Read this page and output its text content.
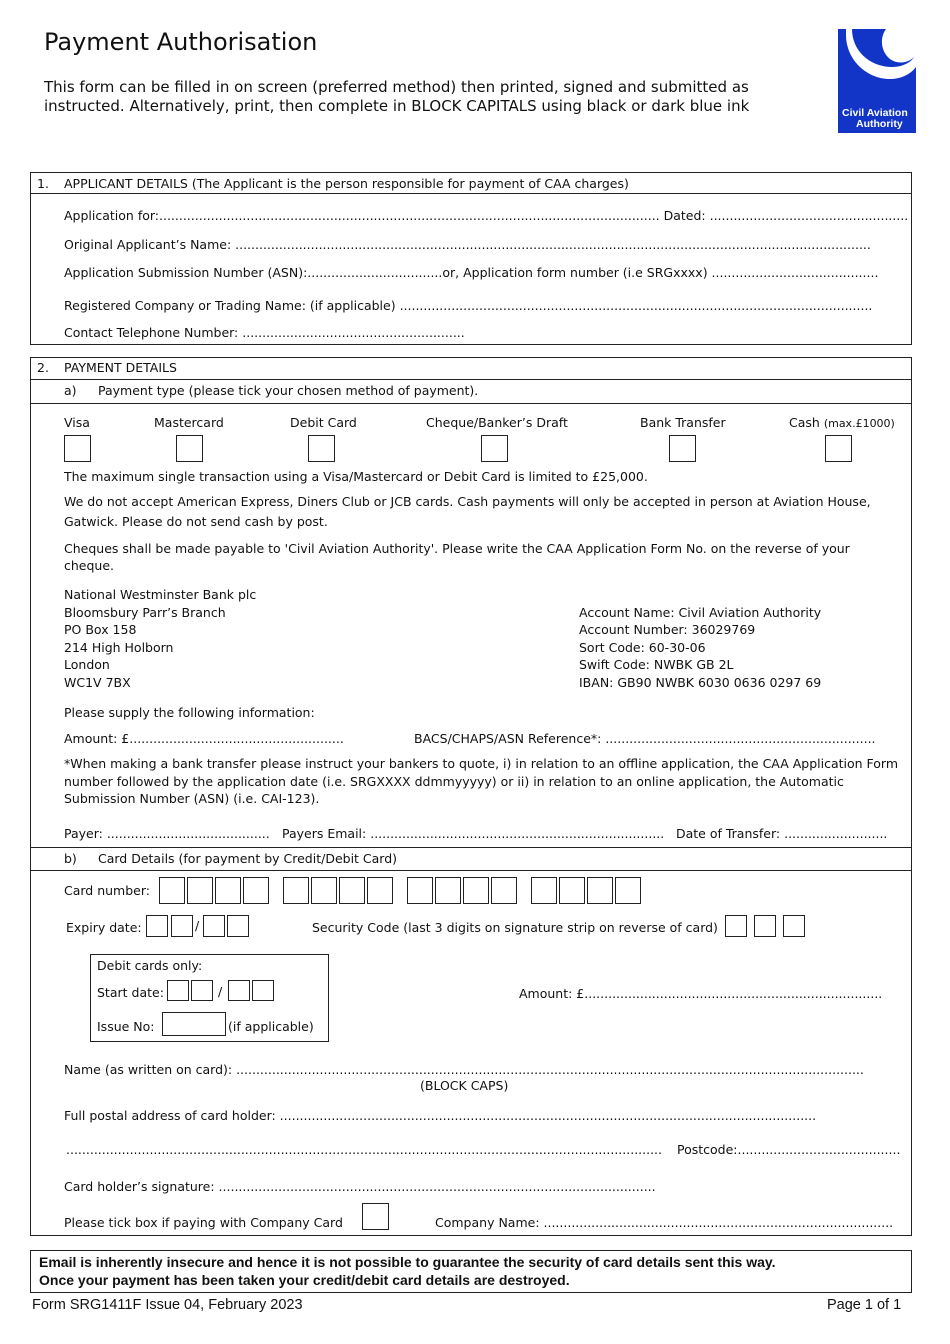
Payment Authorisation
This form can be filled in on screen (preferred method) then printed, signed and submitted as
instructed. Alternatively, print, then complete in BLOCK CAPITALS using black or dark blue ink	Civil Aviation
Authority
1. APPLICANT DETAILS (The Applicant is the person responsible for payment of CAA charges)
Application for:.............................................................................................................................. Dated: ..................................................
Original Applicant’s Name: ................................................................................................................................................................
Application Submission Number (ASN):..................................or, Application form number (i.e SRGxxxx) ..........................................
Registered Company or Trading Name: (if applicable) .......................................................................................................................
Contact Telephone Number: ........................................................
2. PAYMENT DETAILS
a) Payment type (please tick your chosen method of payment).
Visa	Mastercard	Debit Card	Cheque/Banker’s Draft	Bank Transfer	Cash (max.£1000)
The maximum single transaction using a Visa/Mastercard or Debit Card is limited to £25,000.
We do not accept American Express, Diners Club or JCB cards. Cash payments will only be accepted in person at Aviation House,
Gatwick. Please do not send cash by post.
Cheques shall be made payable to 'Civil Aviation Authority'. Please write the CAA Application Form No. on the reverse of your
cheque.
National Westminster Bank plc
Bloomsbury Parr’s Branch
PO Box 158
214 High Holborn
London
WC1V 7BX
Account Name: Civil Aviation Authority
Account Number: 36029769
Sort Code: 60-30-06
Swift Code: NWBK GB 2L
IBAN: GB90 NWBK 6030 0636 0297 69
Please supply the following information:
Amount: £......................................................	BACS/CHAPS/ASN Reference*: ....................................................................
*When making a bank transfer please instruct your bankers to quote, i) in relation to an offline application, the CAA Application Form
number followed by the application date (i.e. SRGXXXX ddmmyyyyy) or ii) in relation to an online application, the Automatic
Submission Number (ASN) (i.e. CAI-123).
Payer: ......................................... Payers Email: .......................................................................... Date of Transfer: ..........................
b) Card Details (for payment by Credit/Debit Card)
Card number:
Expiry date:	/	Security Code (last 3 digits on signature strip on reverse of card)
Debit cards only:
Start date:	/
Issue No:	(if applicable)
Amount: £...........................................................................
Name (as written on card): ..............................................................................................................................................................
(BLOCK CAPS)
Full postal address of card holder: .......................................................................................................................................
...................................................................................................................................................... Postcode:.........................................
Card holder’s signature: ..............................................................................................................
Please tick box if paying with Company Card	Company Name: ........................................................................................
Email is inherently insecure and hence it is not possible to guarantee the security of card details sent this way.
Once your payment has been taken your credit/debit card details are destroyed.
Form SRG1411F Issue 04, February 2023	Page 1 of 1
